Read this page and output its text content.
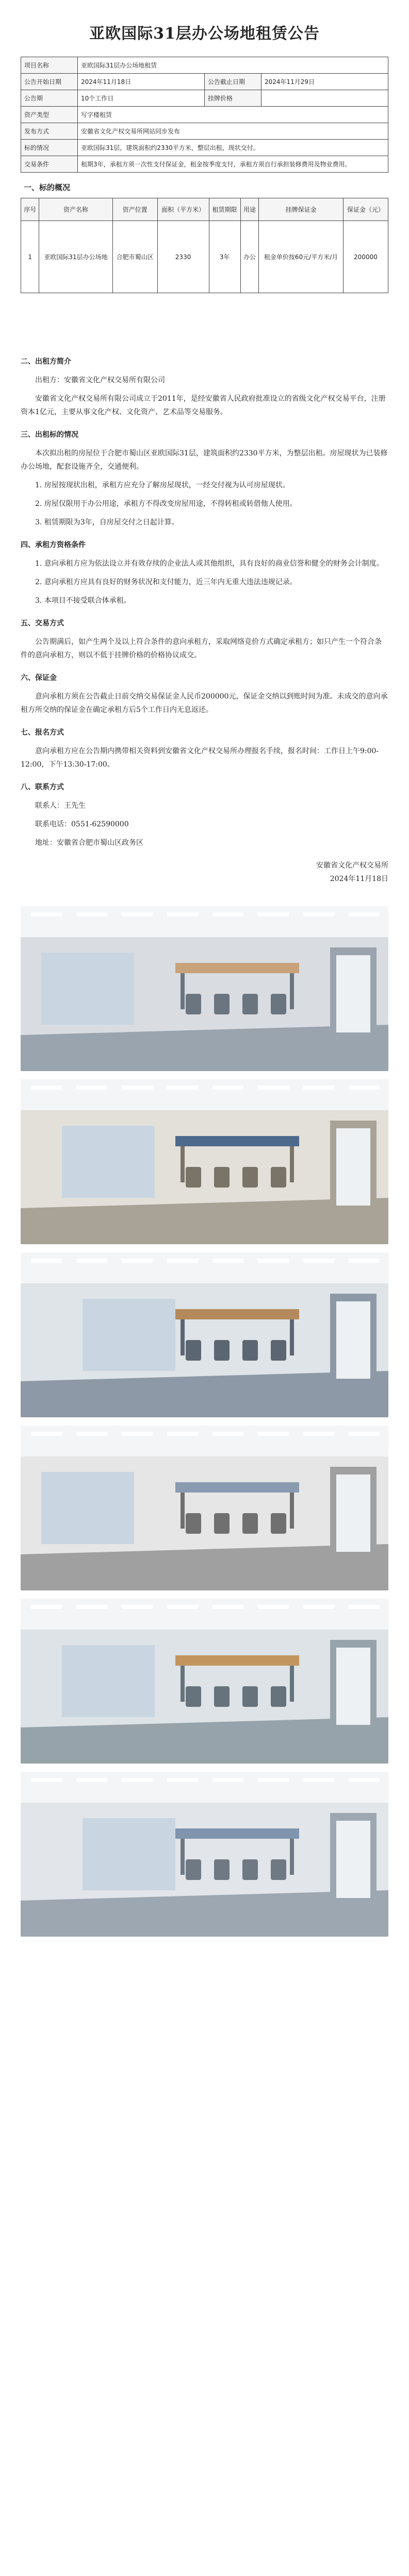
亚欧国际31层办公场地租赁公告
项目名称	亚欧国际31层办公场地租赁		
公告开始日期	2024年11月18日	公告截止日期	2024年11月29日
公告期	10个工作日	挂牌价格	
资产类型	写字楼租赁		
发布方式	安徽省文化产权交易所网站同步发布		
标的情况	亚欧国际31层，建筑面积约2330平方米，整层出租，现状交付。		
交易条件	租期3年，承租方须一次性支付保证金，租金按季度支付，承租方须自行承担装修费用及物业费用。		
一、标的概况
序号	资产名称	资产位置	面积（平方米）	租赁期限	用途	挂牌保证金	保证金（元）
1	亚欧国际31层办公场地	合肥市蜀山区	2330	3年	办公	租金单价按60元/平方米/月	200000

二、出租方简介

出租方：安徽省文化产权交易所有限公司

安徽省文化产权交易所有限公司成立于2011年，是经安徽省人民政府批准设立的省级文化产权交易平台，注册资本1亿元，主要从事文化产权、文化资产、艺术品等交易服务。

三、出租标的情况

本次拟出租的房屋位于合肥市蜀山区亚欧国际31层，建筑面积约2330平方米，为整层出租。房屋现状为已装修办公场地，配套设施齐全，交通便利。

1. 房屋按现状出租，承租方应充分了解房屋现状，一经交付视为认可房屋现状。

2. 房屋仅限用于办公用途，承租方不得改变房屋用途，不得转租或转借他人使用。

3. 租赁期限为3年，自房屋交付之日起计算。

四、承租方资格条件

1. 意向承租方应为依法设立并有效存续的企业法人或其他组织，具有良好的商业信誉和健全的财务会计制度。

2. 意向承租方应具有良好的财务状况和支付能力，近三年内无重大违法违规记录。

3. 本项目不接受联合体承租。

五、交易方式

公告期满后，如产生两个及以上符合条件的意向承租方，采取网络竞价方式确定承租方；如只产生一个符合条件的意向承租方，则以不低于挂牌价格的价格协议成交。

六、保证金

意向承租方须在公告截止日前交纳交易保证金人民币200000元，保证金交纳以到账时间为准。未成交的意向承租方所交纳的保证金在确定承租方后5个工作日内无息返还。

七、报名方式

意向承租方应在公告期内携带相关资料到安徽省文化产权交易所办理报名手续，报名时间：工作日上午9:00-12:00，下午13:30-17:00。

八、联系方式

联系人：王先生

联系电话：0551-62590000

地址：安徽省合肥市蜀山区政务区

安徽省文化产权交易所
2024年11月18日
